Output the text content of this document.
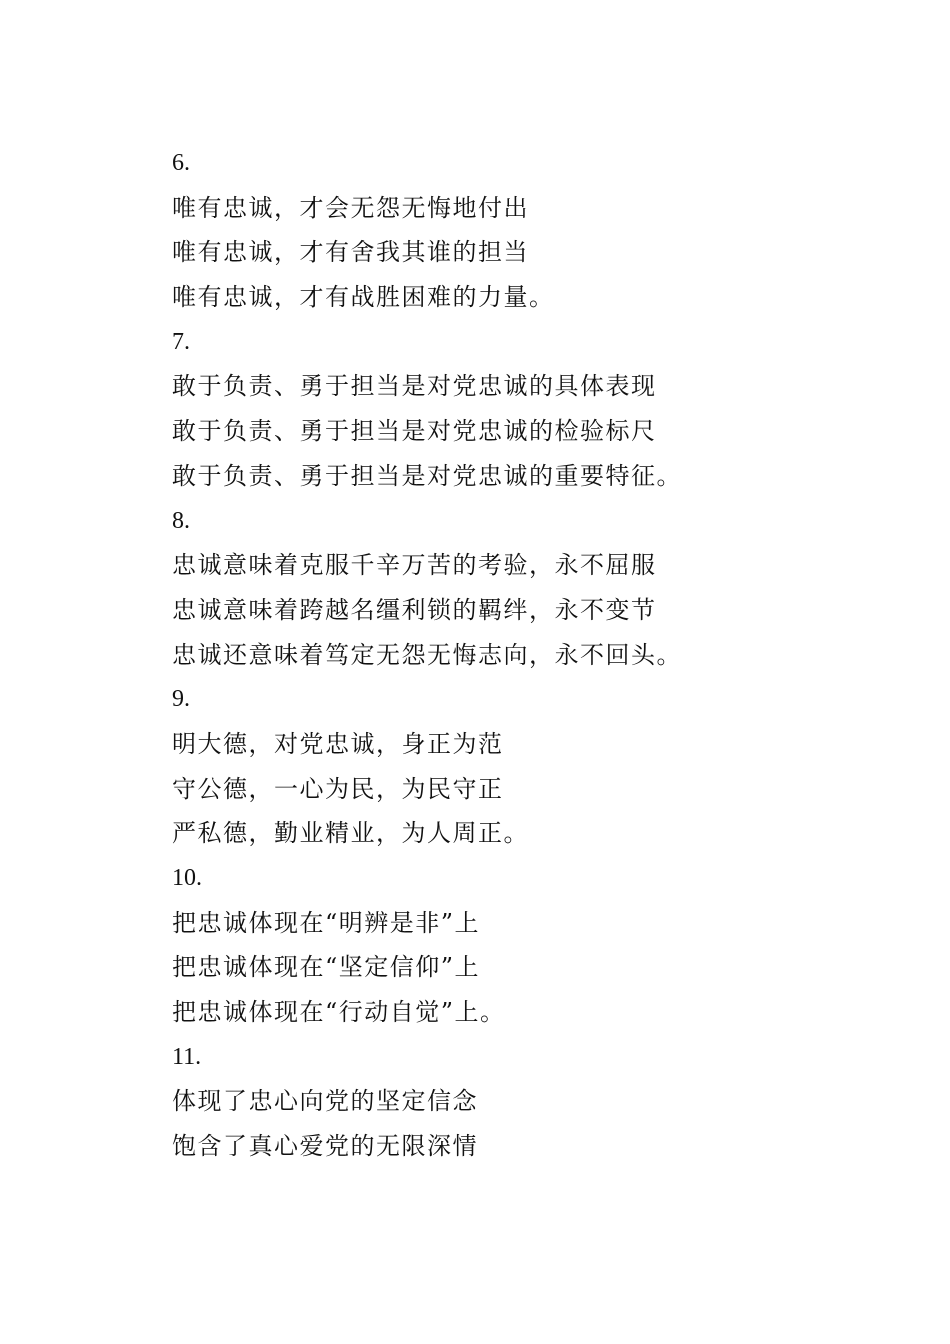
6.
唯有忠诚，才会无怨无悔地付出
唯有忠诚，才有舍我其谁的担当
唯有忠诚，才有战胜困难的力量。
7.
敢于负责、勇于担当是对党忠诚的具体表现
敢于负责、勇于担当是对党忠诚的检验标尺
敢于负责、勇于担当是对党忠诚的重要特征。
8.
忠诚意味着克服千辛万苦的考验，永不屈服
忠诚意味着跨越名缰利锁的羁绊，永不变节
忠诚还意味着笃定无怨无悔志向，永不回头。
9.
明大德，对党忠诚，身正为范
守公德，一心为民，为民守正
严私德，勤业精业，为人周正。
10.
把忠诚体现在“明辨是非”上
把忠诚体现在“坚定信仰”上
把忠诚体现在“行动自觉”上。
11.
体现了忠心向党的坚定信念
饱含了真心爱党的无限深情
